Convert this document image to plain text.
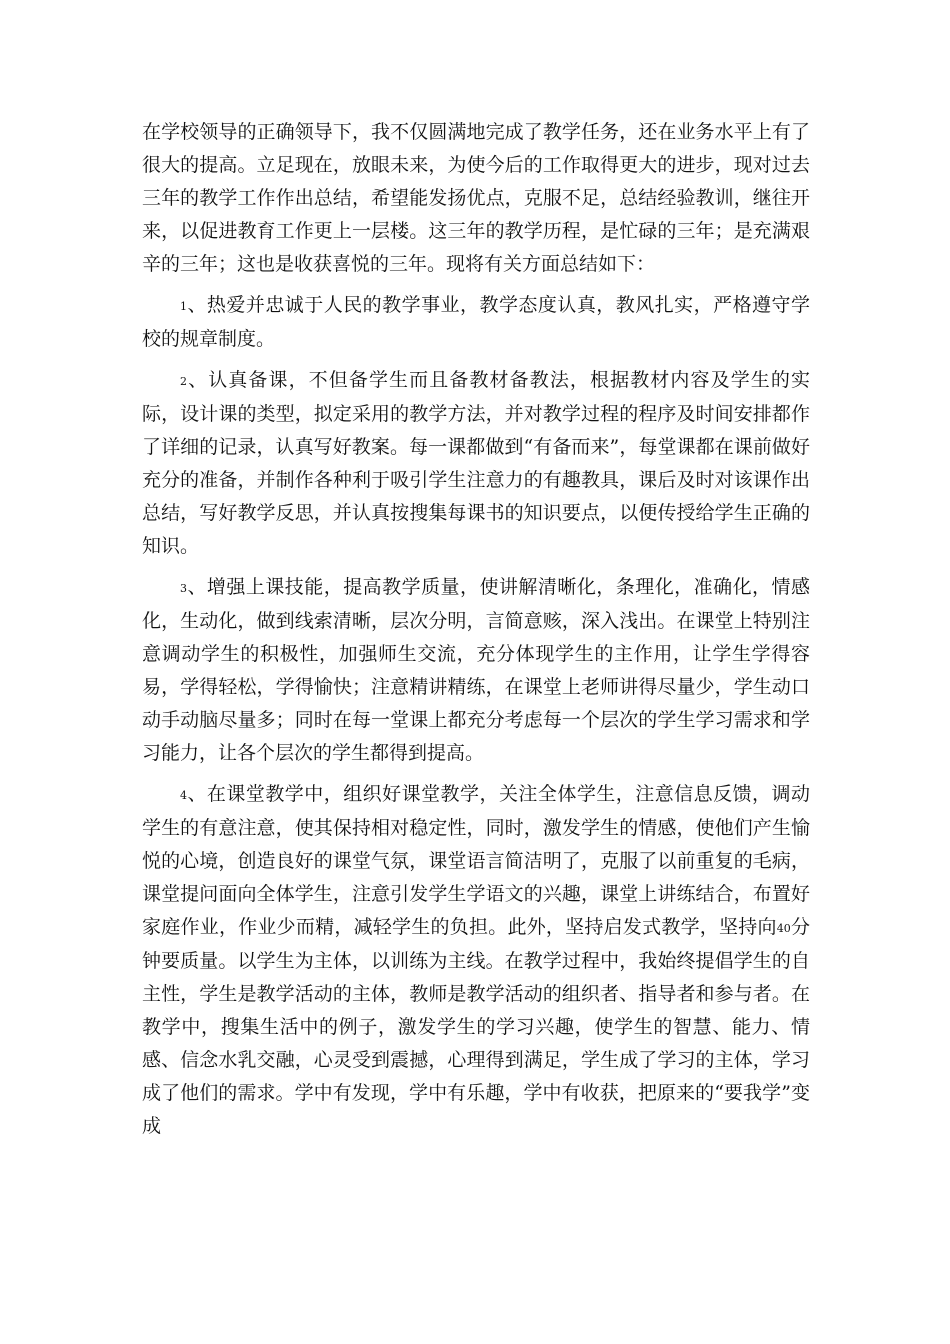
在学校领导的正确领导下，我不仅圆满地完成了教学任务，还在业务水平上有了很大的提高。立足现在，放眼未来，为使今后的工作取得更大的进步，现对过去三年的教学工作作出总结，希望能发扬优点，克服不足，总结经验教训，继往开来，以促进教育工作更上一层楼。这三年的教学历程，是忙碌的三年；是充满艰辛的三年；这也是收获喜悦的三年。现将有关方面总结如下：

1、热爱并忠诚于人民的教学事业，教学态度认真，教风扎实，严格遵守学校的规章制度。

2、认真备课，不但备学生而且备教材备教法，根据教材内容及学生的实际，设计课的类型，拟定采用的教学方法，并对教学过程的程序及时间安排都作了详细的记录，认真写好教案。每一课都做到“有备而来”，每堂课都在课前做好充分的准备，并制作各种利于吸引学生注意力的有趣教具，课后及时对该课作出总结，写好教学反思，并认真按搜集每课书的知识要点，以便传授给学生正确的知识。

3、增强上课技能，提高教学质量，使讲解清晰化，条理化，准确化，情感化，生动化，做到线索清晰，层次分明，言简意赅，深入浅出。在课堂上特别注意调动学生的积极性，加强师生交流，充分体现学生的主作用，让学生学得容易，学得轻松，学得愉快；注意精讲精练，在课堂上老师讲得尽量少，学生动口动手动脑尽量多；同时在每一堂课上都充分考虑每一个层次的学生学习需求和学习能力，让各个层次的学生都得到提高。

4、在课堂教学中，组织好课堂教学，关注全体学生，注意信息反馈，调动学生的有意注意，使其保持相对稳定性，同时，激发学生的情感，使他们产生愉悦的心境，创造良好的课堂气氛，课堂语言简洁明了，克服了以前重复的毛病，课堂提问面向全体学生，注意引发学生学语文的兴趣，课堂上讲练结合，布置好家庭作业，作业少而精，减轻学生的负担。此外，坚持启发式教学，坚持向40分钟要质量。以学生为主体，以训练为主线。在教学过程中，我始终提倡学生的自主性，学生是教学活动的主体，教师是教学活动的组织者、指导者和参与者。在教学中，搜集生活中的例子，激发学生的学习兴趣，使学生的智慧、能力、情感、信念水乳交融，心灵受到震撼，心理得到满足，学生成了学习的主体，学习成了他们的需求。学中有发现，学中有乐趣，学中有收获，把原来的“要我学”变成
